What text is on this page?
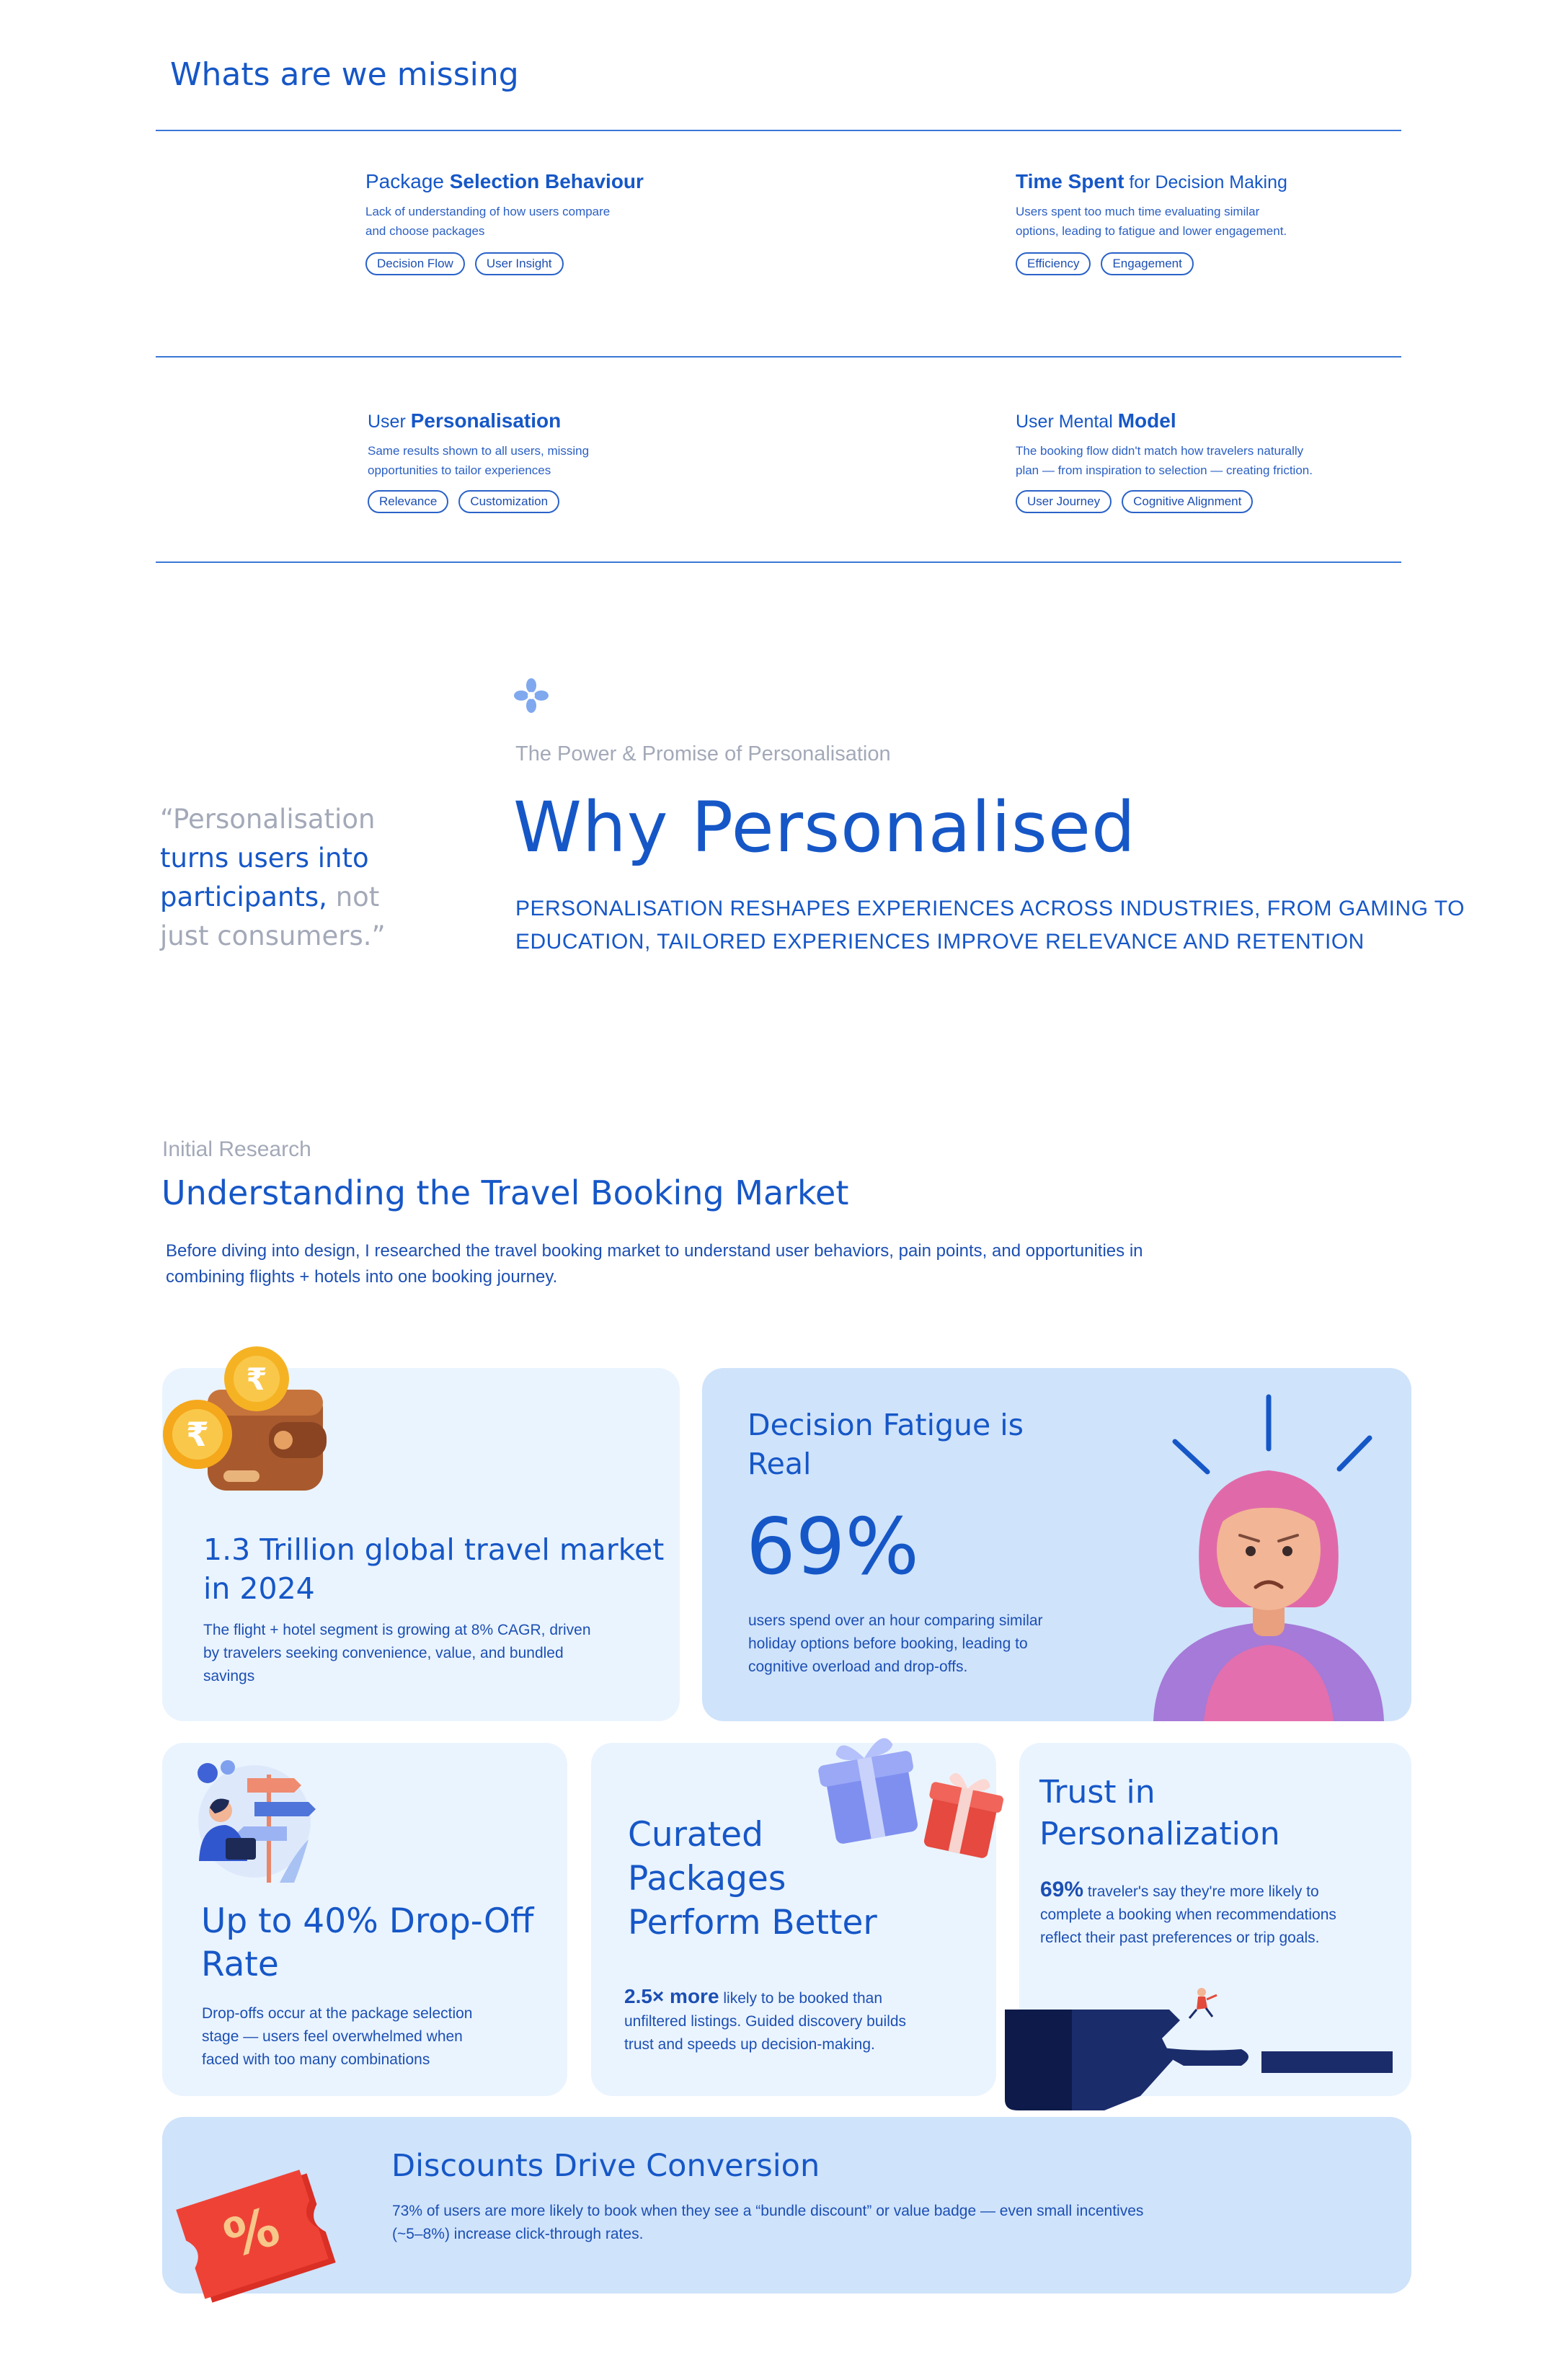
Whats are we missing
Package Selection Behaviour
Lack of understanding of how users compare
and choose packages
Decision Flow	User Insight
Time Spent for Decision Making
Users spent too much time evaluating similar
options, leading to fatigue and lower engagement.
Efficiency	Engagement
User Personalisation
Same results shown to all users, missing
opportunities to tailor experiences
Relevance	Customization
User Mental Model
The booking flow didn't match how travelers naturally
plan — from inspiration to selection — creating friction.
User Journey	Cognitive Alignment
“Personalisation
turns users into
participants, not
just consumers.”
The Power & Promise of Personalisation
Why Personalised
PERSONALISATION RESHAPES EXPERIENCES ACROSS INDUSTRIES, FROM GAMING TO
EDUCATION, TAILORED EXPERIENCES IMPROVE RELEVANCE AND RETENTION
Initial Research
Understanding the Travel Booking Market
Before diving into design, I researched the travel booking market to understand user behaviors, pain points, and opportunities in
combining flights + hotels into one booking journey.
₹
₹
1.3 Trillion global travel market
in 2024
The flight + hotel segment is growing at 8% CAGR, driven
by travelers seeking convenience, value, and bundled
savings
Decision Fatigue is
Real
69%
users spend over an hour comparing similar
holiday options before booking, leading to
cognitive overload and drop-offs.
Up to 40% Drop-Off
Rate
Drop-offs occur at the package selection
stage — users feel overwhelmed when
faced with too many combinations
Curated
Packages
Perform Better
2.5× more likely to be booked than
unfiltered listings. Guided discovery builds
trust and speeds up decision-making.
Trust in
Personalization
69% traveler's say they're more likely to
complete a booking when recommendations
reflect their past preferences or trip goals.
%
Discounts Drive Conversion
73% of users are more likely to book when they see a “bundle discount” or value badge — even small incentives
(~5–8%) increase click-through rates.
